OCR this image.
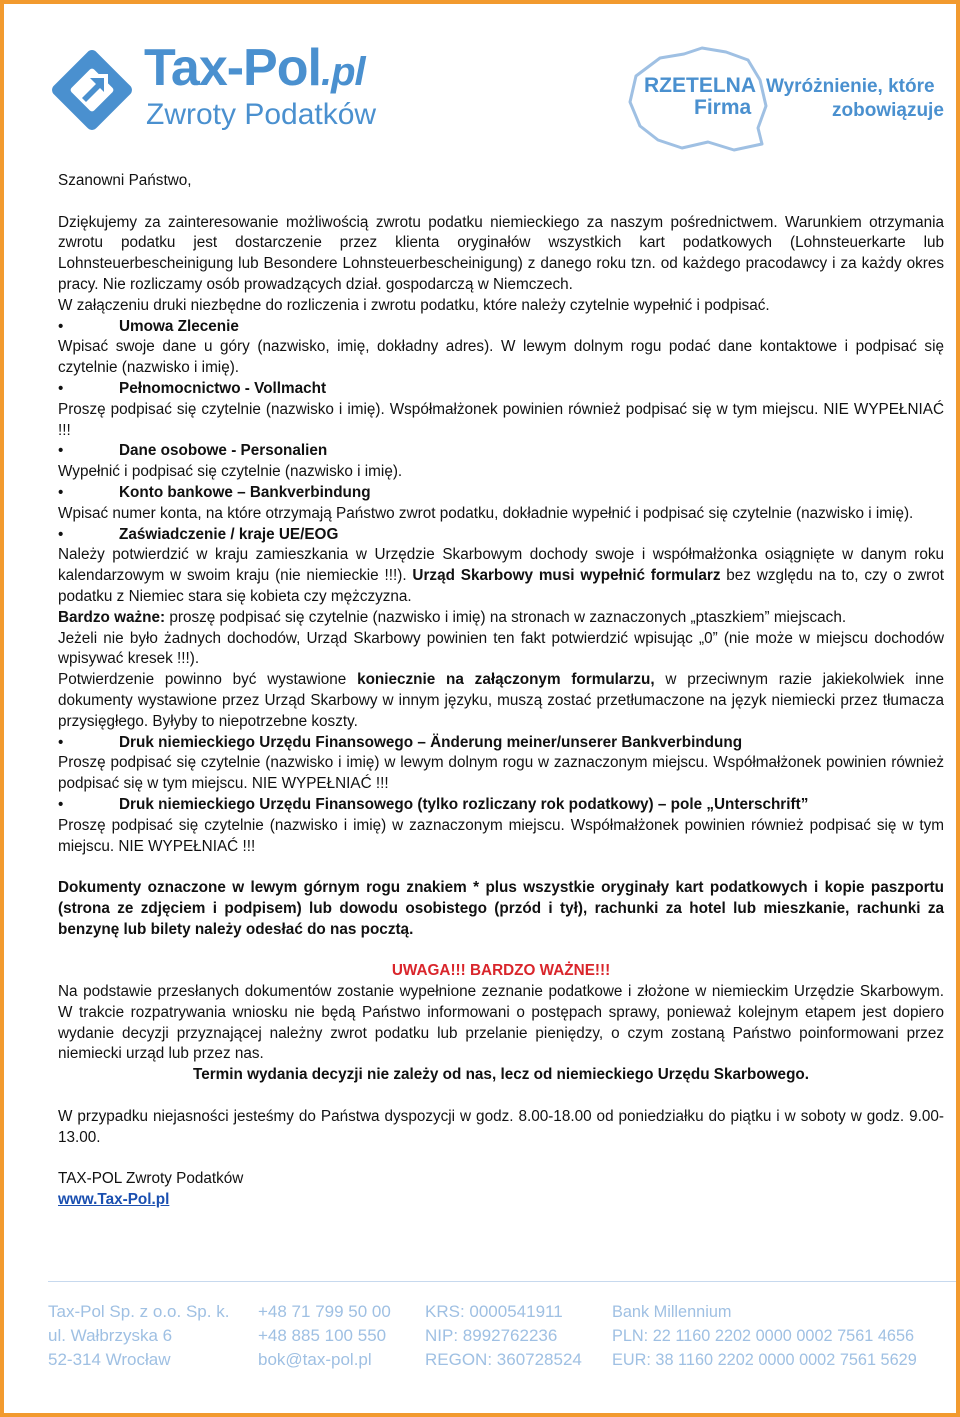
Tax-Pol.pl
Zwroty Podatków
RZETELNA
Firma
Wyróżnienie, które
zobowiązuje

Szanowni Państwo,

Dziękujemy za zainteresowanie możliwością zwrotu podatku niemieckiego za naszym pośrednictwem. Warunkiem otrzymania zwrotu podatku jest dostarczenie przez klienta oryginałów wszystkich kart podatkowych (Lohnsteuerkarte lub Lohnsteuerbescheinigung lub Besondere Lohnsteuerbescheinigung) z danego roku tzn. od każdego pracodawcy i za każdy okres pracy. Nie rozliczamy osób prowadzących dział. gospodarczą w Niemczech.

W załączeniu druki niezbędne do rozliczenia i zwrotu podatku, które należy czytelnie wypełnić i podpisać.

•	Umowa Zlecenie

Wpisać swoje dane u góry (nazwisko, imię, dokładny adres). W lewym dolnym rogu podać dane kontaktowe i podpisać się czytelnie (nazwisko i imię).

•	Pełnomocnictwo - Vollmacht

Proszę podpisać się czytelnie (nazwisko i imię). Współmałżonek powinien również podpisać się w tym miejscu. NIE WYPEŁNIAĆ !!!

•	Dane osobowe - Personalien

Wypełnić i podpisać się czytelnie (nazwisko i imię).

•	Konto bankowe – Bankverbindung

Wpisać numer konta, na które otrzymają Państwo zwrot podatku, dokładnie wypełnić i podpisać się czytelnie (nazwisko i imię).

•	Zaświadczenie / kraje UE/EOG

Należy potwierdzić w kraju zamieszkania w Urzędzie Skarbowym dochody swoje i współmałżonka osiągnięte w danym roku kalendarzowym w swoim kraju (nie niemieckie !!!). Urząd Skarbowy musi wypełnić formularz bez względu na to, czy o zwrot podatku z Niemiec stara się kobieta czy mężczyzna.

Bardzo ważne: proszę podpisać się czytelnie (nazwisko i imię) na stronach w zaznaczonych „ptaszkiem” miejscach.

Jeżeli nie było żadnych dochodów, Urząd Skarbowy powinien ten fakt potwierdzić wpisując „0” (nie może w miejscu dochodów wpisywać kresek !!!).

Potwierdzenie powinno być wystawione koniecznie na załączonym formularzu, w przeciwnym razie jakiekolwiek inne dokumenty wystawione przez Urząd Skarbowy w innym języku, muszą zostać przetłumaczone na język niemiecki przez tłumacza przysięgłego. Byłyby to niepotrzebne koszty.

•	Druk niemieckiego Urzędu Finansowego – Änderung meiner/unserer Bankverbindung

Proszę podpisać się czytelnie (nazwisko i imię) w lewym dolnym rogu w zaznaczonym miejscu. Współmałżonek powinien również podpisać się w tym miejscu. NIE WYPEŁNIAĆ !!!

•	Druk niemieckiego Urzędu Finansowego (tylko rozliczany rok podatkowy) – pole „Unterschrift”

Proszę podpisać się czytelnie (nazwisko i imię) w zaznaczonym miejscu. Współmałżonek powinien również podpisać się w tym miejscu. NIE WYPEŁNIAĆ !!!

Dokumenty oznaczone w lewym górnym rogu znakiem * plus wszystkie oryginały kart podatkowych i kopie paszportu (strona ze zdjęciem i podpisem) lub dowodu osobistego (przód i tył), rachunki za hotel lub mieszkanie, rachunki za benzynę lub bilety należy odesłać do nas pocztą.

UWAGA!!! BARDZO WAŻNE!!!

Na podstawie przesłanych dokumentów zostanie wypełnione zeznanie podatkowe i złożone w niemieckim Urzędzie Skarbowym. W trakcie rozpatrywania wniosku nie będą Państwo informowani o postępach sprawy, ponieważ kolejnym etapem jest dopiero wydanie decyzji przyznającej należny zwrot podatku lub przelanie pieniędzy, o czym zostaną Państwo poinformowani przez niemiecki urząd lub przez nas.

Termin wydania decyzji nie zależy od nas, lecz od niemieckiego Urzędu Skarbowego.

W przypadku niejasności jesteśmy do Państwa dyspozycji w godz. 8.00-18.00 od poniedziałku do piątku i w soboty w godz. 9.00-13.00.

TAX-POL Zwroty Podatków

www.Tax-Pol.pl

Tax-Pol Sp. z o.o. Sp. k.
ul. Wałbrzyska 6
52-314 Wrocław
+48 71 799 50 00
+48 885 100 550
bok@tax-pol.pl
KRS: 0000541911
NIP: 8992762236
REGON: 360728524
Bank Millennium
PLN: 22 1160 2202 0000 0002 7561 4656
EUR: 38 1160 2202 0000 0002 7561 5629
